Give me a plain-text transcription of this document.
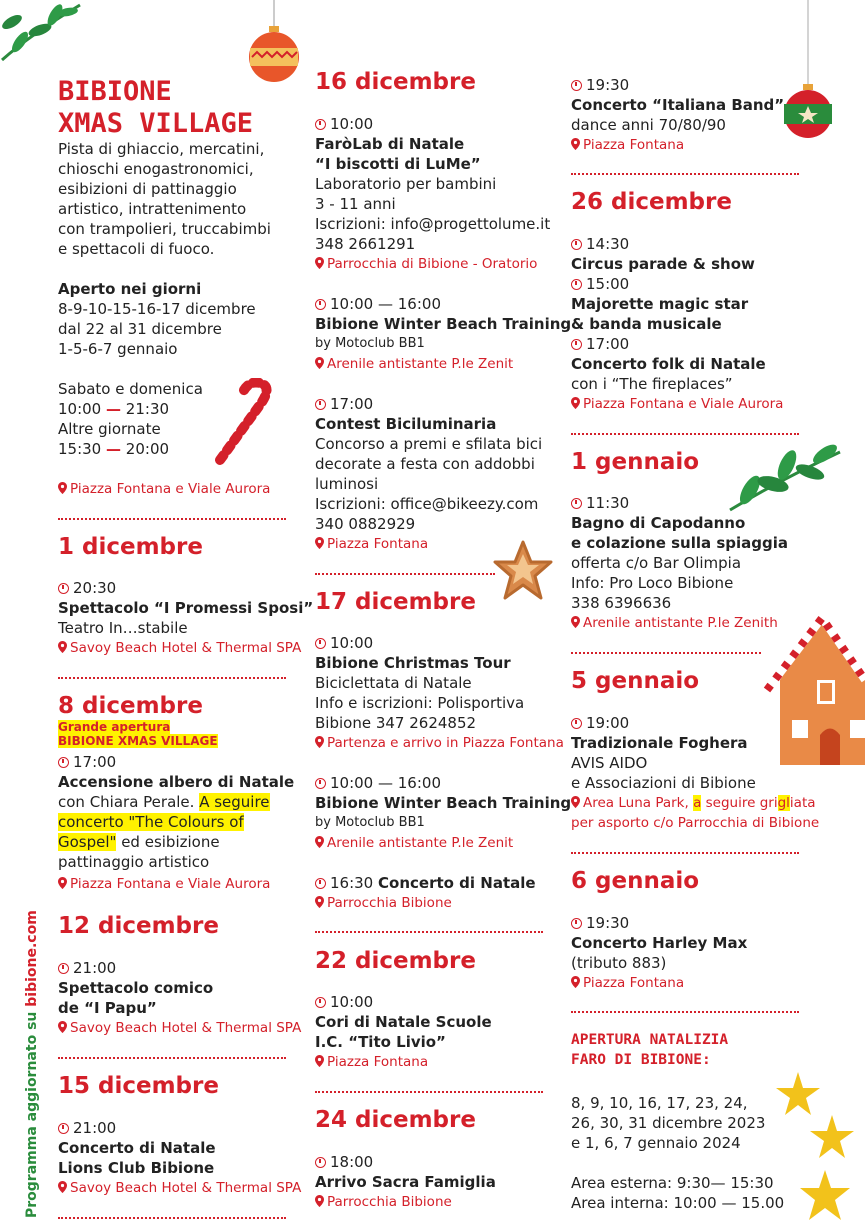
Programma aggiornato su bibione.com
BIBIONE
XMAS VILLAGE

Pista di ghiaccio, mercatini,

chioschi enogastronomici,

esibizioni di pattinaggio

artistico, intrattenimento

con trampolieri, truccabimbi

e spettacoli di fuoco.

Aperto nei giorni

8-9-10-15-16-17 dicembre

dal 22 al 31 dicembre

1-5-6-7 gennaio

Sabato e domenica

10:00 — 21:30

Altre giornate

15:30 — 20:00

Piazza Fontana e Viale Aurora
1 dicembre

20:30

Spettacolo “I Promessi Sposi”

Teatro In…stabile

Savoy Beach Hotel & Thermal SPA
8 dicembre
Grande apertura
BIBIONE XMAS VILLAGE

17:00

Accensione albero di Natale

con Chiara Perale. A seguire

concerto "The Colours of

Gospel" ed esibizione

pattinaggio artistico

Piazza Fontana e Viale Aurora
12 dicembre

21:00

Spettacolo comico

de “I Papu”

Savoy Beach Hotel & Thermal SPA
15 dicembre

21:00

Concerto di Natale

Lions Club Bibione

Savoy Beach Hotel & Thermal SPA
16 dicembre

10:00

FaròLab di Natale

“I biscotti di LuMe”

Laboratorio per bambini

3 - 11 anni

Iscrizioni: info@progettolume.it

348 2661291

Parrocchia di Bibione - Oratorio

10:00 — 16:00

Bibione Winter Beach Training

by Motoclub BB1

Arenile antistante P.le Zenit

17:00

Contest Biciluminaria

Concorso a premi e sfilata bici

decorate a festa con addobbi

luminosi

Iscrizioni: office@bikeezy.com

340 0882929

Piazza Fontana
17 dicembre

10:00

Bibione Christmas Tour

Biciclettata di Natale

Info e iscrizioni: Polisportiva

Bibione 347 2624852

Partenza e arrivo in Piazza Fontana

10:00 — 16:00

Bibione Winter Beach Training

by Motoclub BB1

Arenile antistante P.le Zenit

16:30 Concerto di Natale

Parrocchia Bibione
22 dicembre

10:00

Cori di Natale Scuole

I.C. “Tito Livio”

Piazza Fontana
24 dicembre

18:00

Arrivo Sacra Famiglia

Parrocchia Bibione

19:30

Concerto “Italiana Band”

dance anni 70/80/90

Piazza Fontana
26 dicembre

14:30

Circus parade & show

15:00

Majorette magic star

& banda musicale

17:00

Concerto folk di Natale

con i “The fireplaces”

Piazza Fontana e Viale Aurora
1 gennaio

11:30

Bagno di Capodanno

e colazione sulla spiaggia

offerta c/o Bar Olimpia

Info: Pro Loco Bibione

338 6396636

Arenile antistante P.le Zenith
5 gennaio

19:00

Tradizionale Foghera

AVIS AIDO

e Associazioni di Bibione

Area Luna Park, a seguire grigliata
per asporto c/o Parrocchia di Bibione
6 gennaio

19:30

Concerto Harley Max

(tributo 883)

Piazza Fontana
APERTURA NATALIZIA
FARO DI BIBIONE:

8, 9, 10, 16, 17, 23, 24,

26, 30, 31 dicembre 2023

e 1, 6, 7 gennaio 2024

Area esterna: 9:30— 15:30

Area interna: 10:00 — 15.00
